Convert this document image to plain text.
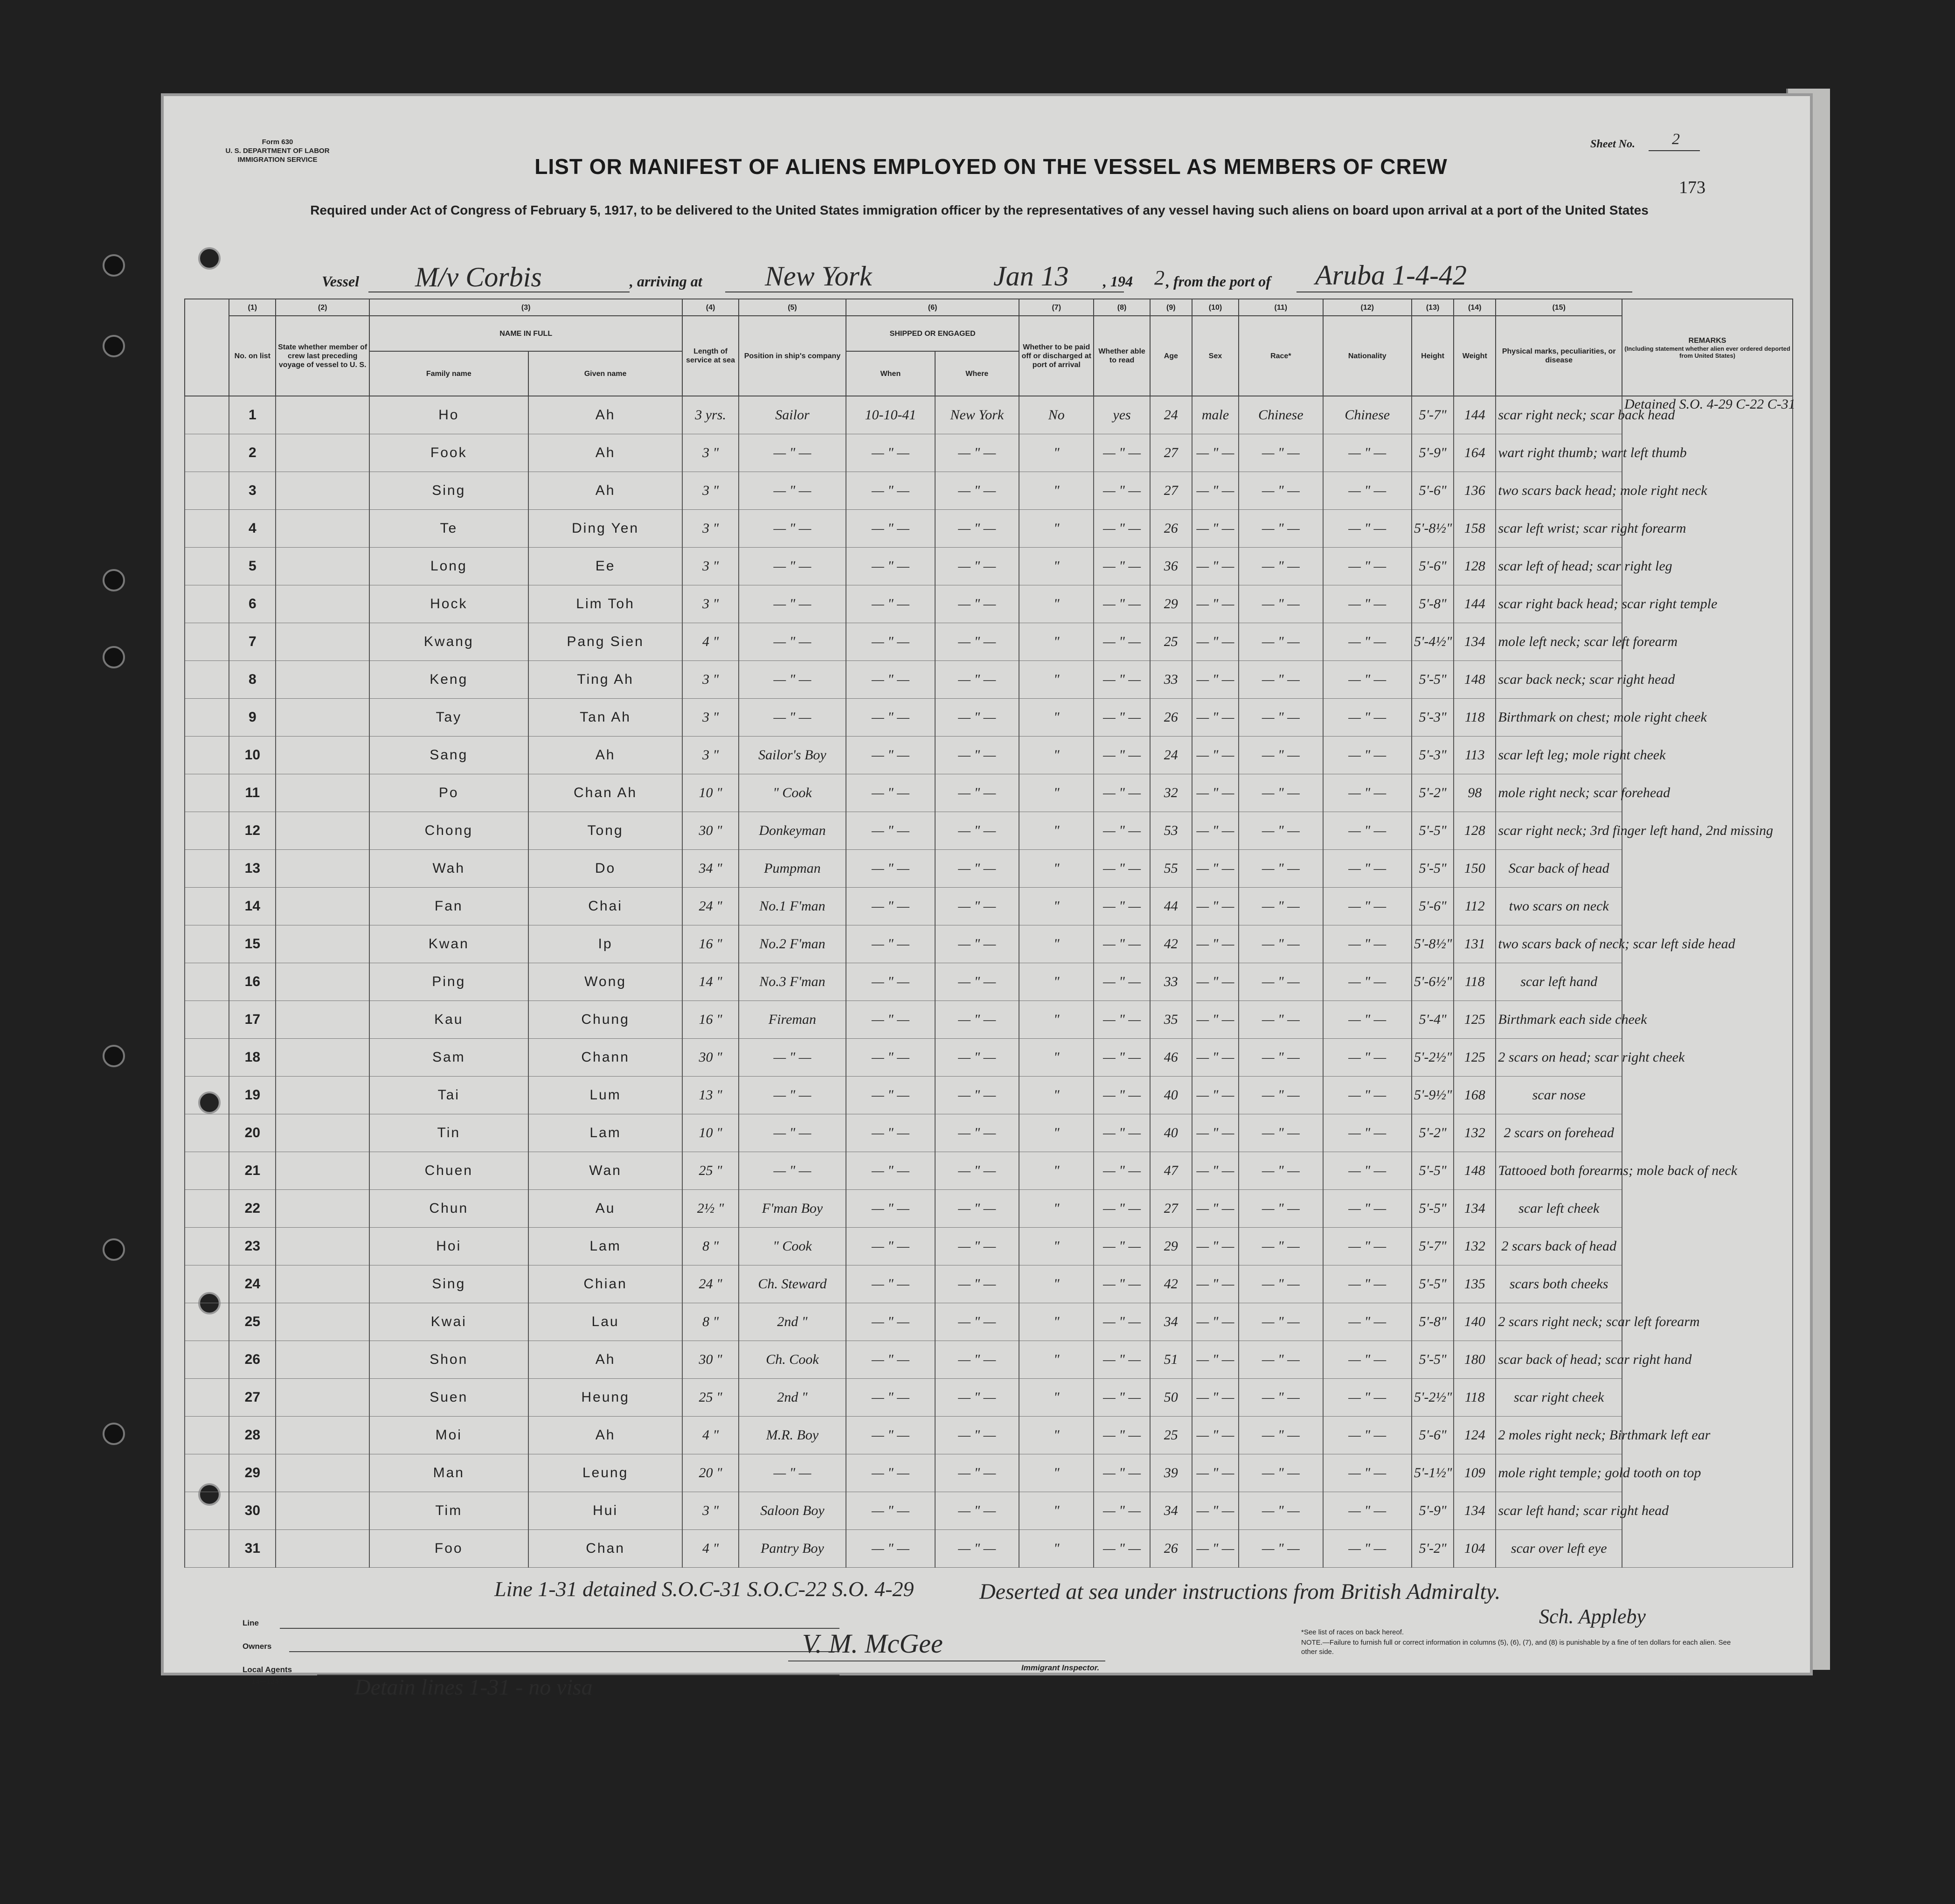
Form 630
U. S. DEPARTMENT OF LABOR
IMMIGRATION SERVICE
Sheet No. 2
LIST OR MANIFEST OF ALIENS EMPLOYED ON THE VESSEL AS MEMBERS OF CREW
173
Required under Act of Congress of February 5, 1917, to be delivered to the United States immigration officer by the representatives of any vessel having such aliens on board upon arrival at a port of the United States
Vessel M/v Corbis	, arriving at New York	Jan 13 , 194 2 , from the port of Aruba 1-4-42
	(1)	(2)	(3)		(4)	(5)	(6)		(7)	(8)	(9)	(10)	(11)	(12)	(13)	(14)	(15)	REMARKS
(Including statement whether alien ever ordered deported from United States)

	No. on list	State whether member of crew last preceding voyage of vessel to U. S.	NAME IN FULL		Length of service at sea	Position in ship's company	SHIPPED OR ENGAGED		Whether to be paid off or discharged at port of arrival	Whether able to read	Age	Sex	Race*	Nationality	Height	Weight	Physical marks, peculiarities, or disease	
			Family name	Given name			When	Where										
	1		Ho	Ah	3 yrs.	Sailor	10-10-41	New York	No	yes	24	male	Chinese	Chinese	5'-7"	144	scar right neck; scar back head	Detained S.O. 4-29 C-22 C-31
	2		Fook	Ah	3 "	— " —	— " —	— " —	"	— " —	27	— " —	— " —	— " —	5'-9"	164	wart right thumb; wart left thumb	
	3		Sing	Ah	3 "	— " —	— " —	— " —	"	— " —	27	— " —	— " —	— " —	5'-6"	136	two scars back head; mole right neck	
	4		Te	Ding Yen	3 "	— " —	— " —	— " —	"	— " —	26	— " —	— " —	— " —	5'-8½"	158	scar left wrist; scar right forearm	
	5		Long	Ee	3 "	— " —	— " —	— " —	"	— " —	36	— " —	— " —	— " —	5'-6"	128	scar left of head; scar right leg	
	6		Hock	Lim Toh	3 "	— " —	— " —	— " —	"	— " —	29	— " —	— " —	— " —	5'-8"	144	scar right back head; scar right temple	
	7		Kwang	Pang Sien	4 "	— " —	— " —	— " —	"	— " —	25	— " —	— " —	— " —	5'-4½"	134	mole left neck; scar left forearm	
	8		Keng	Ting Ah	3 "	— " —	— " —	— " —	"	— " —	33	— " —	— " —	— " —	5'-5"	148	scar back neck; scar right head	
	9		Tay	Tan Ah	3 "	— " —	— " —	— " —	"	— " —	26	— " —	— " —	— " —	5'-3"	118	Birthmark on chest; mole right cheek	
	10		Sang	Ah	3 "	Sailor's Boy	— " —	— " —	"	— " —	24	— " —	— " —	— " —	5'-3"	113	scar left leg; mole right cheek	
	11		Po	Chan Ah	10 "	" Cook	— " —	— " —	"	— " —	32	— " —	— " —	— " —	5'-2"	98	mole right neck; scar forehead	
	12		Chong	Tong	30 "	Donkeyman	— " —	— " —	"	— " —	53	— " —	— " —	— " —	5'-5"	128	scar right neck; 3rd finger left hand, 2nd missing	
	13		Wah	Do	34 "	Pumpman	— " —	— " —	"	— " —	55	— " —	— " —	— " —	5'-5"	150	Scar back of head	
	14		Fan	Chai	24 "	No.1 F'man	— " —	— " —	"	— " —	44	— " —	— " —	— " —	5'-6"	112	two scars on neck	
	15		Kwan	Ip	16 "	No.2 F'man	— " —	— " —	"	— " —	42	— " —	— " —	— " —	5'-8½"	131	two scars back of neck; scar left side head	
	16		Ping	Wong	14 "	No.3 F'man	— " —	— " —	"	— " —	33	— " —	— " —	— " —	5'-6½"	118	scar left hand	
	17		Kau	Chung	16 "	Fireman	— " —	— " —	"	— " —	35	— " —	— " —	— " —	5'-4"	125	Birthmark each side cheek	
	18		Sam	Chann	30 "	— " —	— " —	— " —	"	— " —	46	— " —	— " —	— " —	5'-2½"	125	2 scars on head; scar right cheek	
	19		Tai	Lum	13 "	— " —	— " —	— " —	"	— " —	40	— " —	— " —	— " —	5'-9½"	168	scar nose	
	20		Tin	Lam	10 "	— " —	— " —	— " —	"	— " —	40	— " —	— " —	— " —	5'-2"	132	2 scars on forehead	
	21		Chuen	Wan	25 "	— " —	— " —	— " —	"	— " —	47	— " —	— " —	— " —	5'-5"	148	Tattooed both forearms; mole back of neck	
	22		Chun	Au	2½ "	F'man Boy	— " —	— " —	"	— " —	27	— " —	— " —	— " —	5'-5"	134	scar left cheek	
	23		Hoi	Lam	8 "	" Cook	— " —	— " —	"	— " —	29	— " —	— " —	— " —	5'-7"	132	2 scars back of head	
	24		Sing	Chian	24 "	Ch. Steward	— " —	— " —	"	— " —	42	— " —	— " —	— " —	5'-5"	135	scars both cheeks	
	25		Kwai	Lau	8 "	2nd "	— " —	— " —	"	— " —	34	— " —	— " —	— " —	5'-8"	140	2 scars right neck; scar left forearm	
	26		Shon	Ah	30 "	Ch. Cook	— " —	— " —	"	— " —	51	— " —	— " —	— " —	5'-5"	180	scar back of head; scar right hand	
	27		Suen	Heung	25 "	2nd "	— " —	— " —	"	— " —	50	— " —	— " —	— " —	5'-2½"	118	scar right cheek	
	28		Moi	Ah	4 "	M.R. Boy	— " —	— " —	"	— " —	25	— " —	— " —	— " —	5'-6"	124	2 moles right neck; Birthmark left ear	
	29		Man	Leung	20 "	— " —	— " —	— " —	"	— " —	39	— " —	— " —	— " —	5'-1½"	109	mole right temple; gold tooth on top	
	30		Tim	Hui	3 "	Saloon Boy	— " —	— " —	"	— " —	34	— " —	— " —	— " —	5'-9"	134	scar left hand; scar right head	
	31		Foo	Chan	4 "	Pantry Boy	— " —	— " —	"	— " —	26	— " —	— " —	— " —	5'-2"	104	scar over left eye	
Line 1-31 detained S.O.C-31 S.O.C-22 S.O. 4-29	Deserted at sea under instructions from British Admiralty.
Sch. Appleby
Line
Owners
Local Agents
14—1240
V. M. McGee
Immigrant Inspector.
*See list of races on back hereof.
NOTE.—Failure to furnish full or correct information in columns (5), (6), (7), and (8) is punishable by a fine of ten dollars for each alien. See other side.
U. S. GOVERNMENT PRINTING OFFICE: 1940
Detain lines 1-31 - no visa
